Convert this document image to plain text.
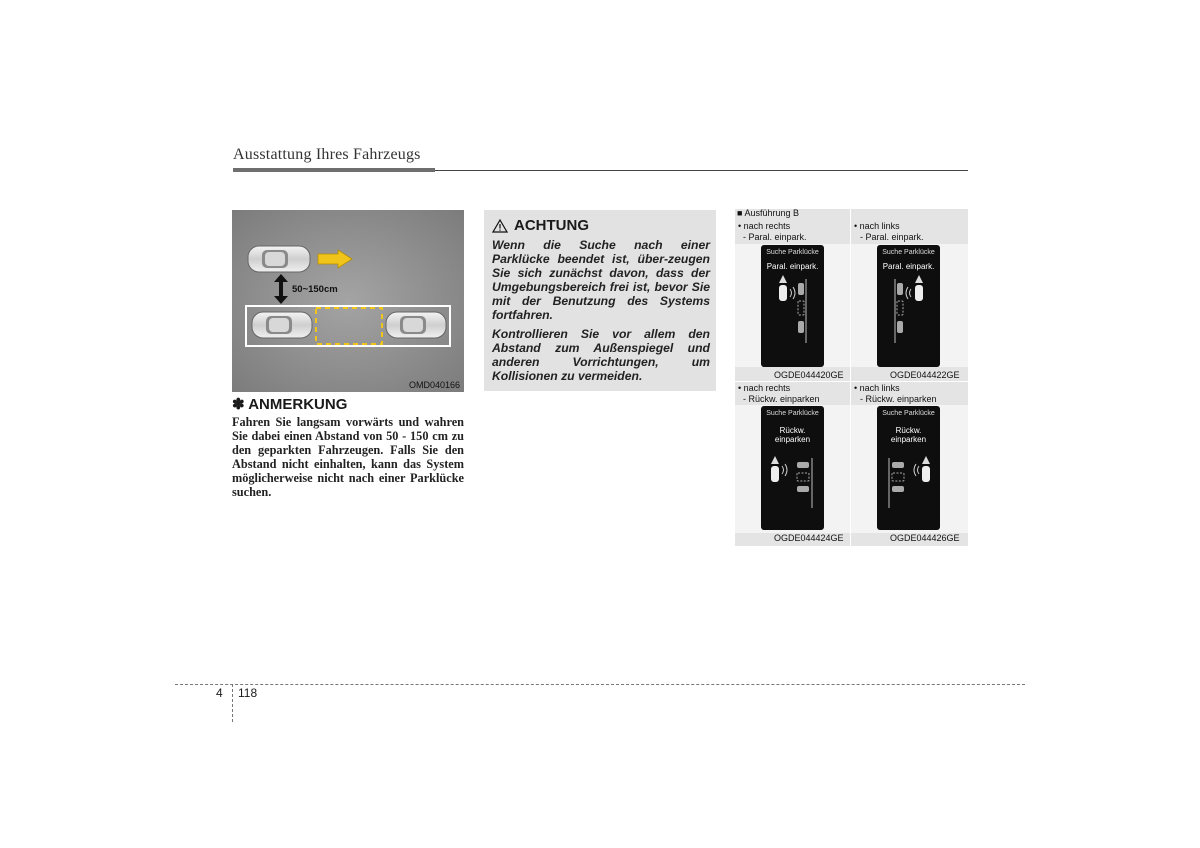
Ausstattung Ihres Fahrzeugs
50~150cm
OMD040166
✽ ANMERKUNG
Fahren Sie langsam vorwärts und wahren Sie dabei einen Abstand von 50 - 150 cm zu den geparkten Fahrzeugen. Falls Sie den Abstand nicht einhalten, kann das System möglicherweise nicht nach einer Parklücke suchen.
ACHTUNG

Wenn die Suche nach einer Parklücke beendet ist, über-zeugen Sie sich zunächst davon, dass der Umgebungsbereich frei ist, bevor Sie mit der Benutzung des Systems fortfahren.

Kontrollieren Sie vor allem den Abstand zum Außenspiegel und anderen Vorrichtungen, um Kollisionen zu vermeiden.

■ Ausführung B
• nach rechts
- Paral. einpark.
Suche Parklücke
Paral. einpark.
OGDE044420GE
• nach links
- Paral. einpark.
Suche Parklücke
Paral. einpark.
OGDE044422GE
• nach rechts
- Rückw. einparken
Suche Parklücke
Rückw. einparken
OGDE044424GE
• nach links
- Rückw. einparken
Suche Parklücke
Rückw. einparken
OGDE044426GE
4 118
